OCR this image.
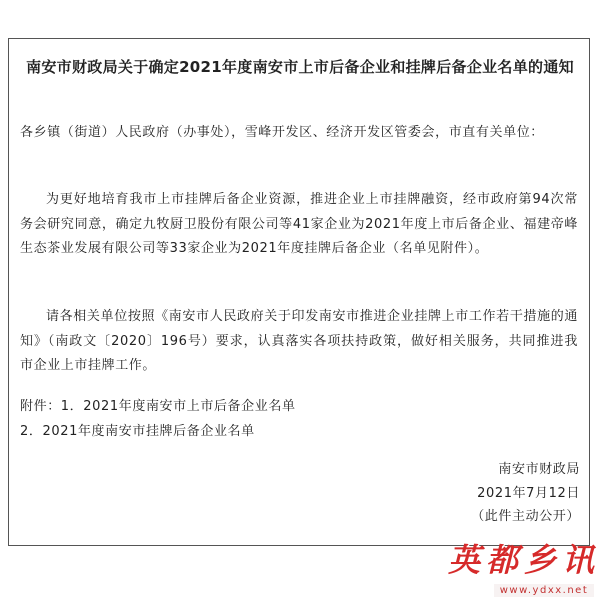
南安市财政局关于确定2021年度南安市上市后备企业和挂牌后备企业名单的通知

各乡镇（街道）人民政府（办事处），雪峰开发区、经济开发区管委会，市直有关单位：

为更好地培育我市上市挂牌后备企业资源，推进企业上市挂牌融资，经市政府第94次常务会研究同意，确定九牧厨卫股份有限公司等41家企业为2021年度上市后备企业、福建帝峰生态茶业发展有限公司等33家企业为2021年度挂牌后备企业（名单见附件）。

请各相关单位按照《南安市人民政府关于印发南安市推进企业挂牌上市工作若干措施的通知》（南政文〔2020〕196号）要求，认真落实各项扶持政策，做好相关服务，共同推进我市企业上市挂牌工作。

附件：1．2021年度南安市上市后备企业名单

2．2021年度南安市挂牌后备企业名单

南安市财政局
2021年7月12日
（此件主动公开）
英都乡讯
www.ydxx.net
